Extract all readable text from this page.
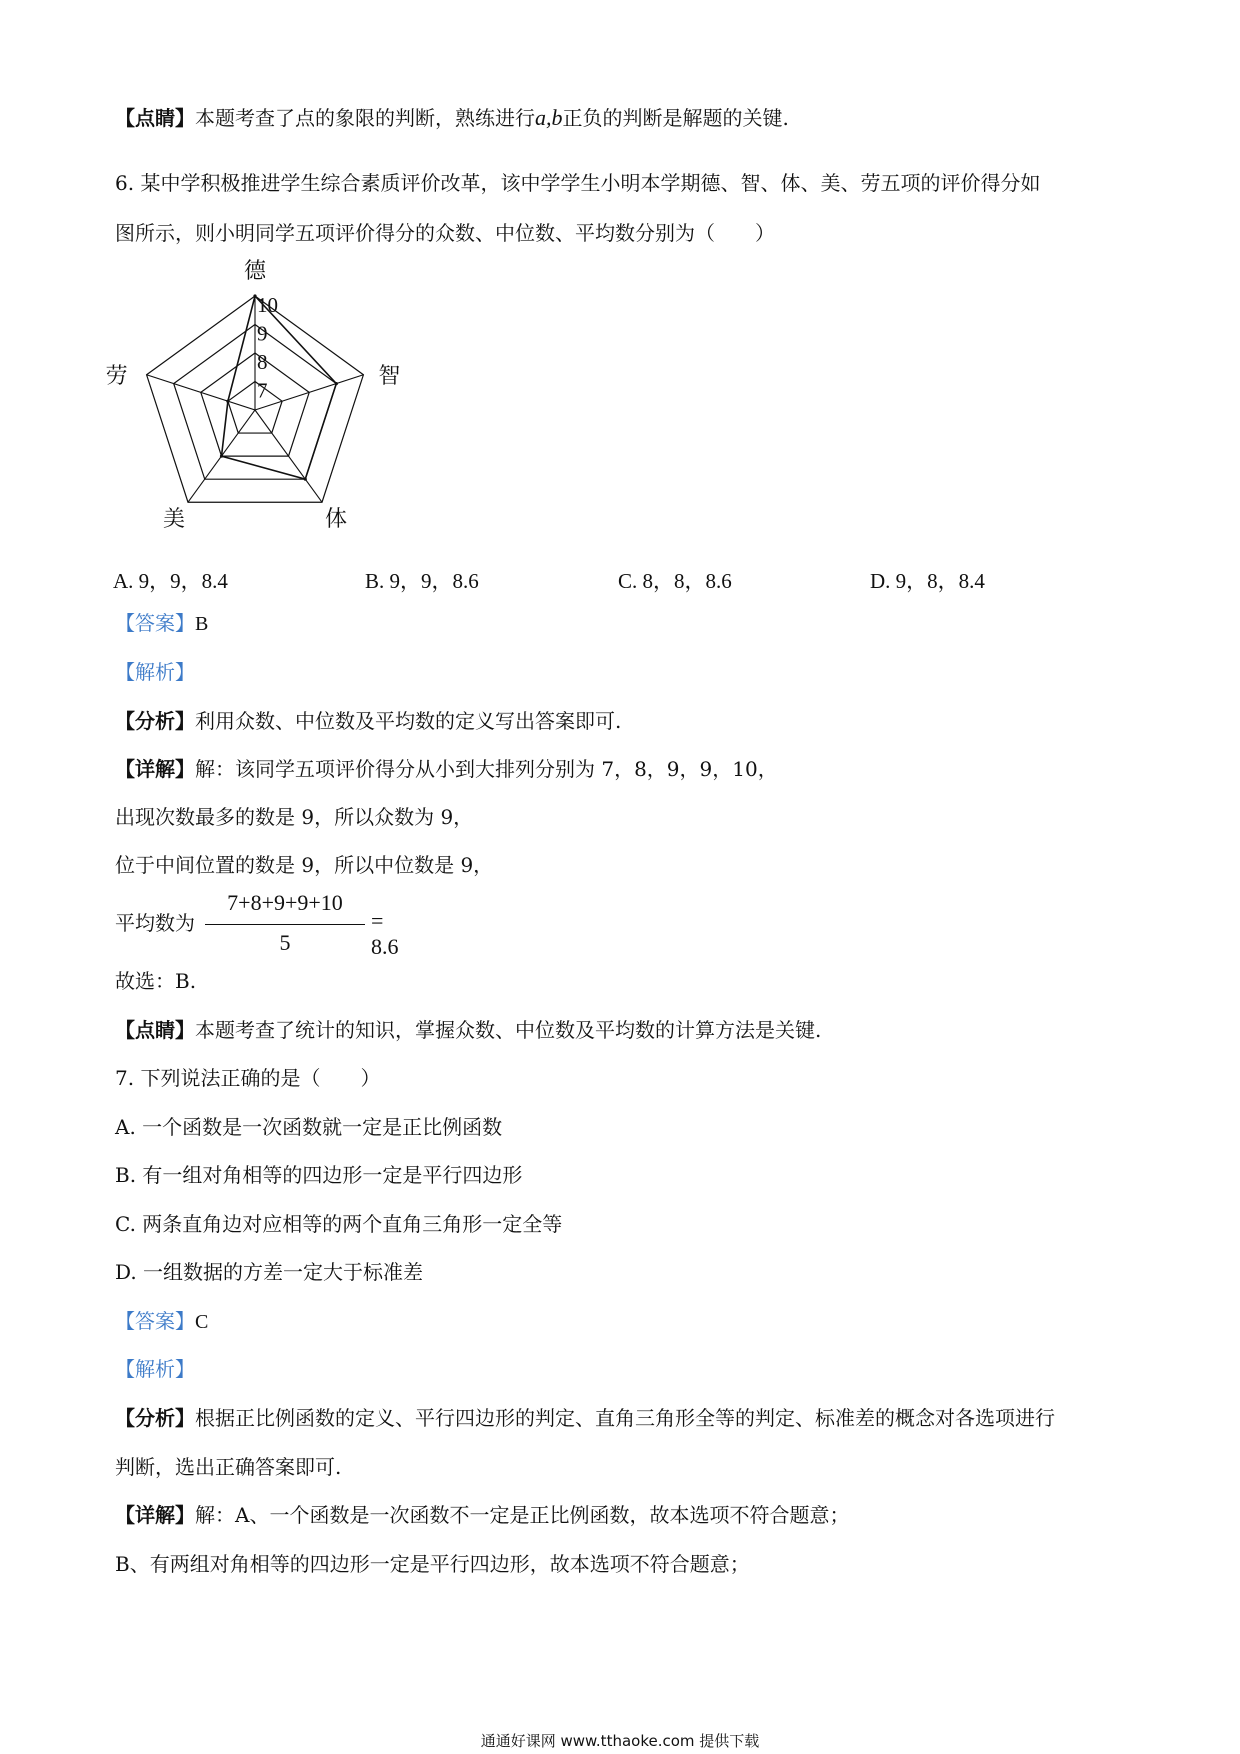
【点睛】本题考查了点的象限的判断，熟练进行a,b正负的判断是解题的关键.
6. 某中学积极推进学生综合素质评价改革，该中学学生小明本学期德、智、体、美、劳五项的评价得分如
图所示，则小明同学五项评价得分的众数、中位数、平均数分别为（　　）
10
9
8
7
德
智
体
美
劳
A. 9，9，8.4	B. 9，9，8.6	C. 8，8，8.6	D. 9，8，8.4
【答案】B
【解析】
【分析】利用众数、中位数及平均数的定义写出答案即可.
【详解】解：该同学五项评价得分从小到大排列分别为 7，8，9，9，10，
出现次数最多的数是 9，所以众数为 9，
位于中间位置的数是 9，所以中位数是 9，
平均数为
7+8+9+9+10
5
= 8.6
故选：B.
【点睛】本题考查了统计的知识，掌握众数、中位数及平均数的计算方法是关键.
7. 下列说法正确的是（　　）
A. 一个函数是一次函数就一定是正比例函数
B. 有一组对角相等的四边形一定是平行四边形
C. 两条直角边对应相等的两个直角三角形一定全等
D. 一组数据的方差一定大于标准差
【答案】C
【解析】
【分析】根据正比例函数的定义、平行四边形的判定、直角三角形全等的判定、标准差的概念对各选项进行
判断，选出正确答案即可.
【详解】解：A、一个函数是一次函数不一定是正比例函数，故本选项不符合题意；
B、有两组对角相等的四边形一定是平行四边形，故本选项不符合题意；
通通好课网 www.tthaoke.com 提供下载
